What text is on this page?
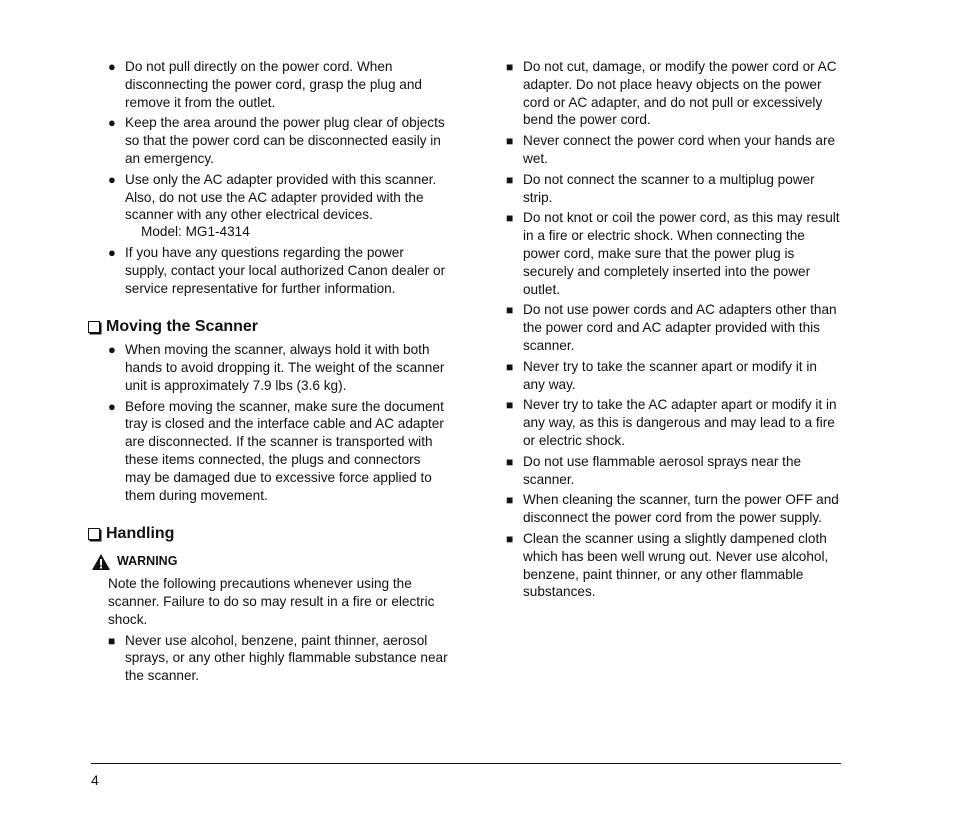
●
Do not pull directly on the power cord. When disconnecting the power cord, grasp the plug and remove it from the outlet.
●
Keep the area around the power plug clear of objects so that the power cord can be disconnected easily in an emergency.
●
Use only the AC adapter provided with this scanner. Also, do not use the AC adapter provided with the scanner with any other electrical devices.
Model: MG1-4314
●
If you have any questions regarding the power supply, contact your local authorized Canon dealer or service representative for further information.
Moving the Scanner
●
When moving the scanner, always hold it with both hands to avoid dropping it. The weight of the scanner unit is approximately 7.9 lbs (3.6 kg).
●
Before moving the scanner, make sure the document tray is closed and the interface cable and AC adapter are disconnected. If the scanner is transported with these items connected, the plugs and connectors may be damaged due to excessive force applied to them during movement.
Handling
WARNING
Note the following precautions whenever using the scanner. Failure to do so may result in a fire or electric shock.
■
Never use alcohol, benzene, paint thinner, aerosol sprays, or any other highly flammable substance near the scanner.
■
Do not cut, damage, or modify the power cord or AC adapter. Do not place heavy objects on the power cord or AC adapter, and do not pull or excessively bend the power cord.
■
Never connect the power cord when your hands are wet.
■
Do not connect the scanner to a multiplug power strip.
■
Do not knot or coil the power cord, as this may result in a fire or electric shock. When connecting the power cord, make sure that the power plug is securely and completely inserted into the power outlet.
■
Do not use power cords and AC adapters other than the power cord and AC adapter provided with this scanner.
■
Never try to take the scanner apart or modify it in any way.
■
Never try to take the AC adapter apart or modify it in any way, as this is dangerous and may lead to a fire or electric shock.
■
Do not use flammable aerosol sprays near the scanner.
■
When cleaning the scanner, turn the power OFF and disconnect the power cord from the power supply.
■
Clean the scanner using a slightly dampened cloth which has been well wrung out. Never use alcohol, benzene, paint thinner, or any other flammable substances.
4
